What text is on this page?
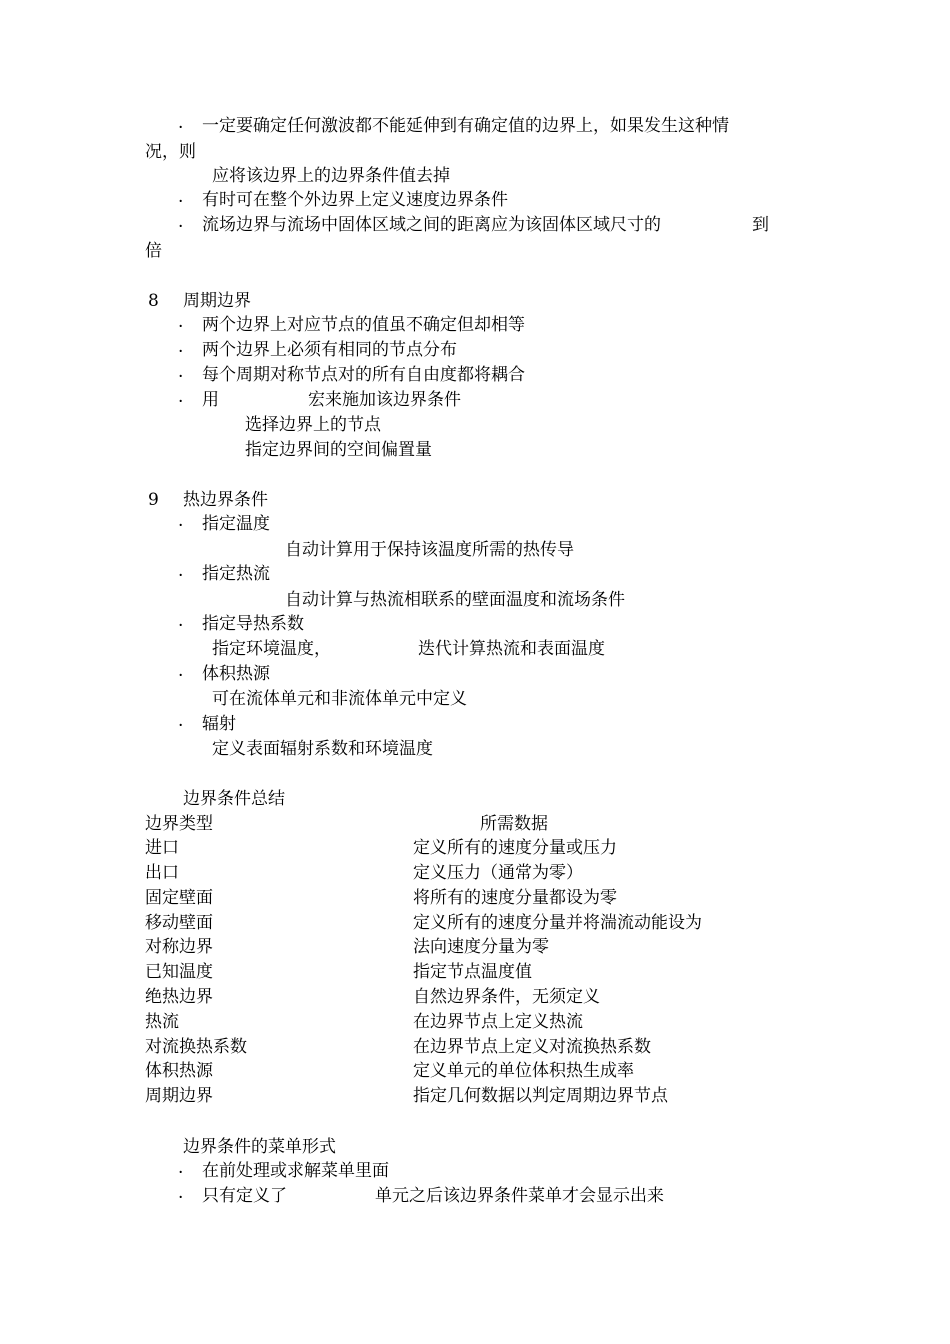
· 一定要确定任何激波都不能延伸到有确定值的边界上，如果发生这种情
况，则
应将该边界上的边界条件值去掉
· 有时可在整个外边界上定义速度边界条件
· 流场边界与流场中固体区域之间的距离应为该固体区域尺寸的	到
倍
8 周期边界
· 两个边界上对应节点的值虽不确定但却相等
· 两个边界上必须有相同的节点分布
· 每个周期对称节点对的所有自由度都将耦合
· 用	宏来施加该边界条件
选择边界上的节点
指定边界间的空间偏置量
9 热边界条件
· 指定温度
自动计算用于保持该温度所需的热传导
· 指定热流
自动计算与热流相联系的壁面温度和流场条件
· 指定导热系数
指定环境温度，	迭代计算热流和表面温度
· 体积热源
可在流体单元和非流体单元中定义
· 辐射
定义表面辐射系数和环境温度
边界条件总结
边界类型	所需数据
进口	定义所有的速度分量或压力
出口	定义压力（通常为零）
固定壁面	将所有的速度分量都设为零
移动壁面	定义所有的速度分量并将湍流动能设为
对称边界	法向速度分量为零
已知温度	指定节点温度值
绝热边界	自然边界条件，无须定义
热流	在边界节点上定义热流
对流换热系数	在边界节点上定义对流换热系数
体积热源	定义单元的单位体积热生成率
周期边界	指定几何数据以判定周期边界节点
边界条件的菜单形式
· 在前处理或求解菜单里面
· 只有定义了	单元之后该边界条件菜单才会显示出来
